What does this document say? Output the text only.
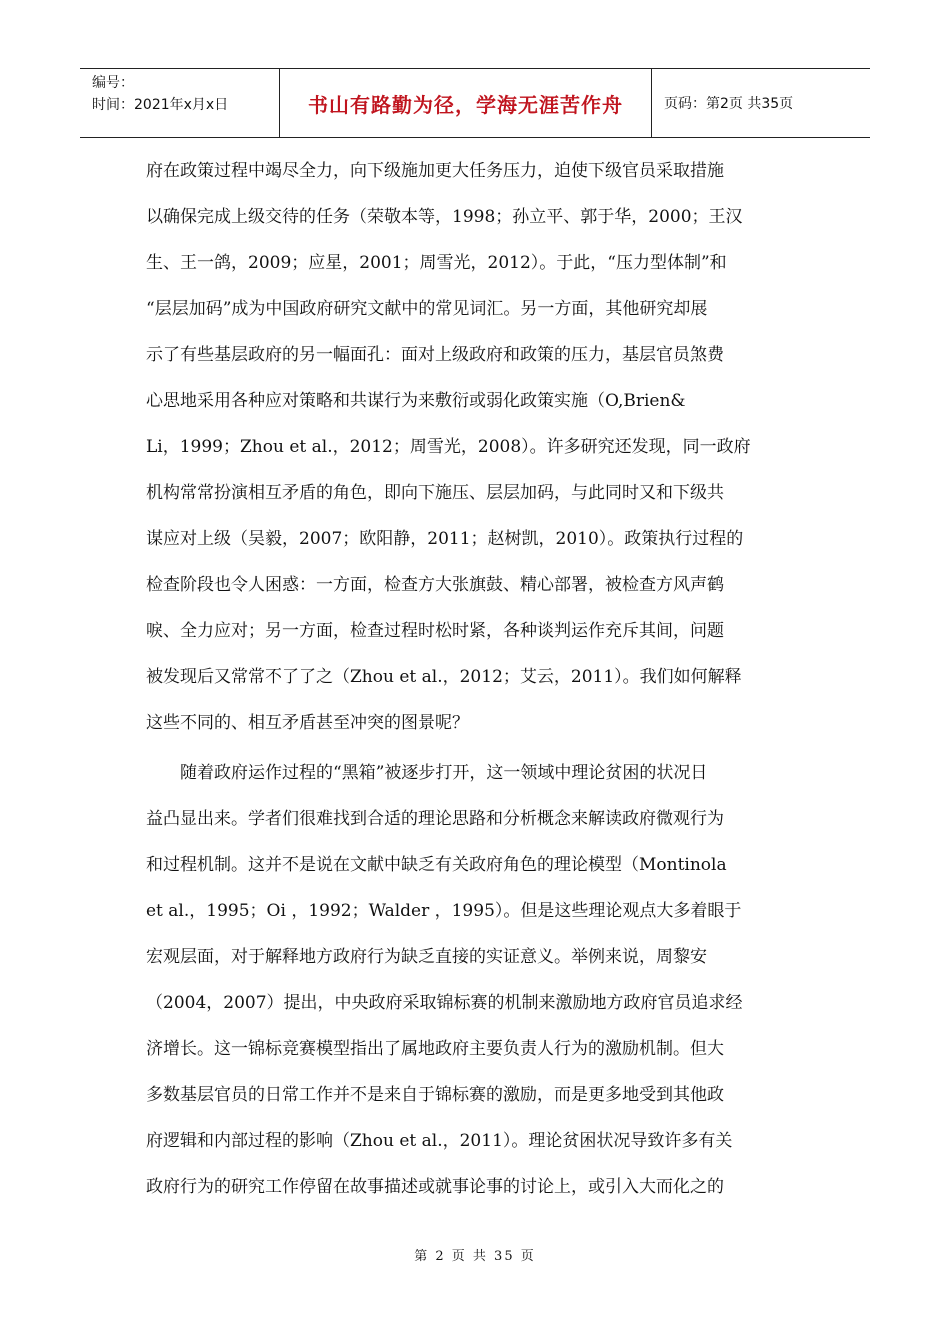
编号：
时间：2021年x月x日	书山有路勤为径，学海无涯苦作舟	页码：第2页 共35页
府在政策过程中竭尽全力，向下级施加更大任务压力，迫使下级官员采取措施
以确保完成上级交待的任务（荣敬本等，1998；孙立平、郭于华，2000；王汉
生、王一鸽，2009；应星，2001；周雪光，2012）。于此，“压力型体制”和
“层层加码”成为中国政府研究文献中的常见词汇。另一方面，其他研究却展
示了有些基层政府的另一幅面孔：面对上级政府和政策的压力，基层官员煞费
心思地采用各种应对策略和共谋行为来敷衍或弱化政策实施（O,Brien&
Li，1999；Zhou et al.，2012；周雪光，2008）。许多研究还发现，同一政府
机构常常扮演相互矛盾的角色，即向下施压、层层加码，与此同时又和下级共
谋应对上级（吴毅，2007；欧阳静，2011；赵树凯，2010）。政策执行过程的
检查阶段也令人困惑：一方面，检查方大张旗鼓、精心部署，被检查方风声鹤
唳、全力应对；另一方面，检查过程时松时紧，各种谈判运作充斥其间，问题
被发现后又常常不了了之（Zhou et al.，2012；艾云，2011）。我们如何解释
这些不同的、相互矛盾甚至冲突的图景呢？
　　随着政府运作过程的“黑箱”被逐步打开，这一领域中理论贫困的状况日
益凸显出来。学者们很难找到合适的理论思路和分析概念来解读政府微观行为
和过程机制。这并不是说在文献中缺乏有关政府角色的理论模型（Montinola
et al.，1995；Oi ，1992；Walder ，1995）。但是这些理论观点大多着眼于
宏观层面，对于解释地方政府行为缺乏直接的实证意义。举例来说，周黎安
（2004，2007）提出，中央政府采取锦标赛的机制来激励地方政府官员追求经
济增长。这一锦标竞赛模型指出了属地政府主要负责人行为的激励机制。但大
多数基层官员的日常工作并不是来自于锦标赛的激励，而是更多地受到其他政
府逻辑和内部过程的影响（Zhou et al.，2011）。理论贫困状况导致许多有关
政府行为的研究工作停留在故事描述或就事论事的讨论上，或引入大而化之的
第 2 页 共 35 页
